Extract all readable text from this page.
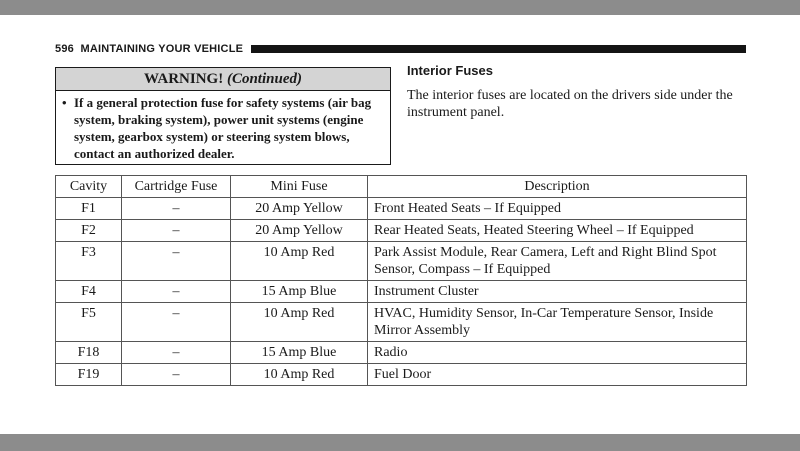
596 MAINTAINING YOUR VEHICLE
WARNING! (Continued)
• If a general protection fuse for safety systems (air bag system, braking system), power unit systems (engine system, gearbox system) or steering system blows, contact an authorized dealer.
Interior Fuses
The interior fuses are located on the drivers side under the instrument panel.
Cavity	Cartridge Fuse	Mini Fuse	Description
F1	–	20 Amp Yellow	Front Heated Seats – If Equipped
F2	–	20 Amp Yellow	Rear Heated Seats, Heated Steering Wheel – If Equipped
F3	–	10 Amp Red	Park Assist Module, Rear Camera, Left and Right Blind Spot Sensor, Compass – If Equipped
F4	–	15 Amp Blue	Instrument Cluster
F5	–	10 Amp Red	HVAC, Humidity Sensor, In-Car Temperature Sensor, Inside Mirror Assembly
F18	–	15 Amp Blue	Radio
F19	–	10 Amp Red	Fuel Door
